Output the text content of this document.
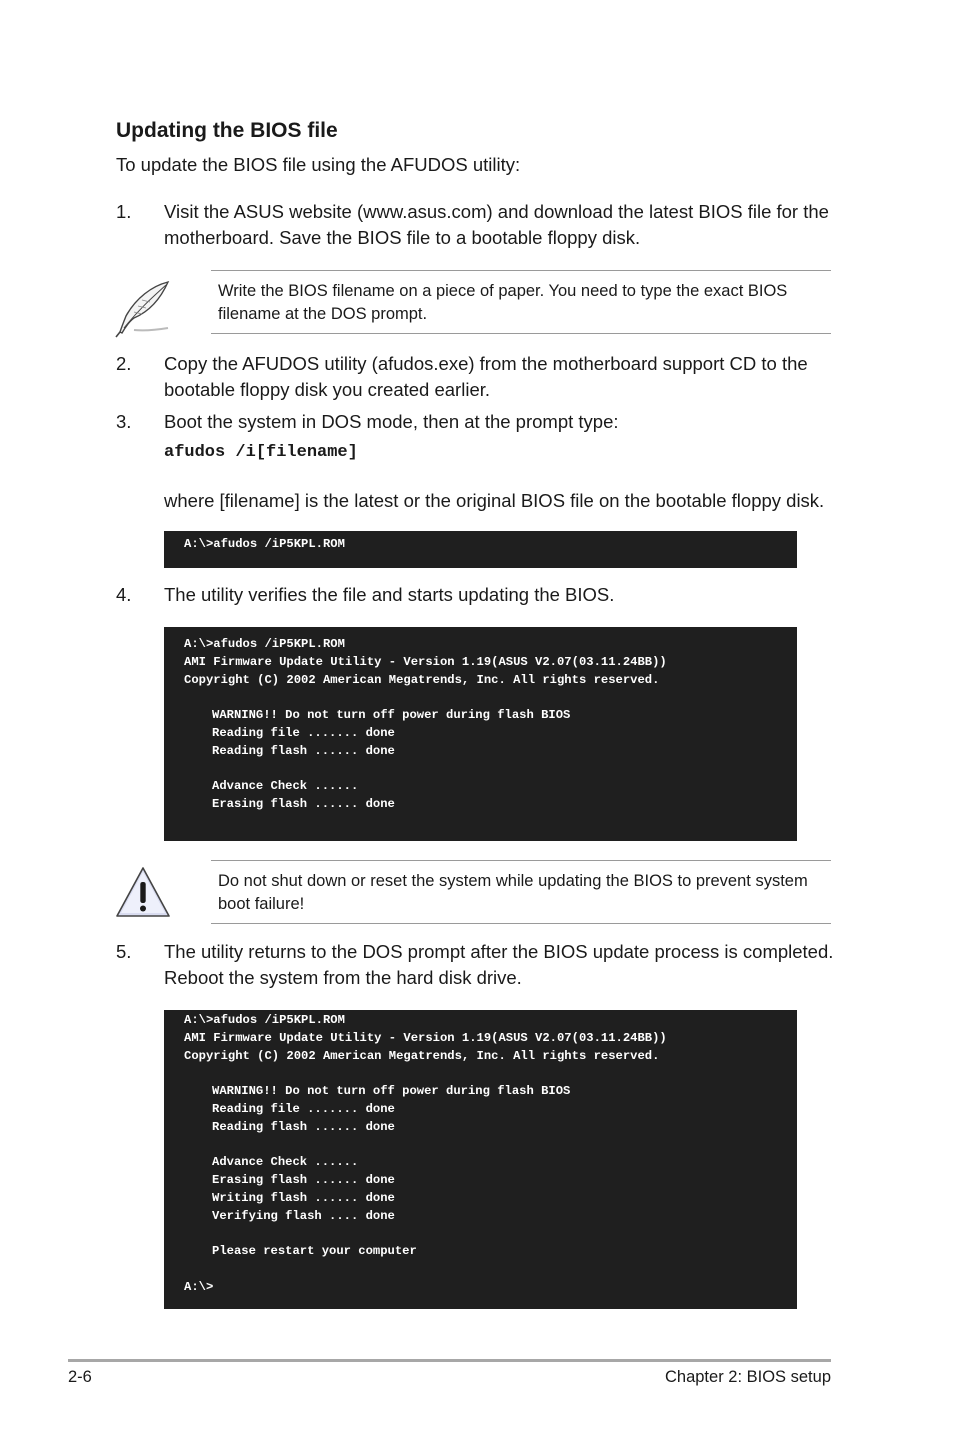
Updating the BIOS file
To update the BIOS file using the AFUDOS utility:
1. Visit the ASUS website (www.asus.com) and download the latest BIOS file for the motherboard. Save the BIOS file to a bootable floppy disk.
Write the BIOS filename on a piece of paper. You need to type the exact BIOS filename at the DOS prompt.
2. Copy the AFUDOS utility (afudos.exe) from the motherboard support CD to the bootable floppy disk you created earlier.
3. Boot the system in DOS mode, then at the prompt type:
afudos /i[filename]
where [filename] is the latest or the original BIOS file on the bootable floppy disk.
A:\>afudos /iP5KPL.ROM
4. The utility verifies the file and starts updating the BIOS.
A:\>afudos /iP5KPL.ROM
AMI Firmware Update Utility - Version 1.19(ASUS V2.07(03.11.24BB))
Copyright (C) 2002 American Megatrends, Inc. All rights reserved.
WARNING!! Do not turn off power during flash BIOS
Reading file ....... done
Reading flash ...... done
Advance Check ......
Erasing flash ...... done
Do not shut down or reset the system while updating the BIOS to prevent system boot failure!
5. The utility returns to the DOS prompt after the BIOS update process is completed. Reboot the system from the hard disk drive.
A:\>afudos /iP5KPL.ROM
AMI Firmware Update Utility - Version 1.19(ASUS V2.07(03.11.24BB))
Copyright (C) 2002 American Megatrends, Inc. All rights reserved.
WARNING!! Do not turn off power during flash BIOS
Reading file ....... done
Reading flash ...... done
Advance Check ......
Erasing flash ...... done
Writing flash ...... done
Verifying flash .... done
Please restart your computer
A:\>
2-6	Chapter 2: BIOS setup
